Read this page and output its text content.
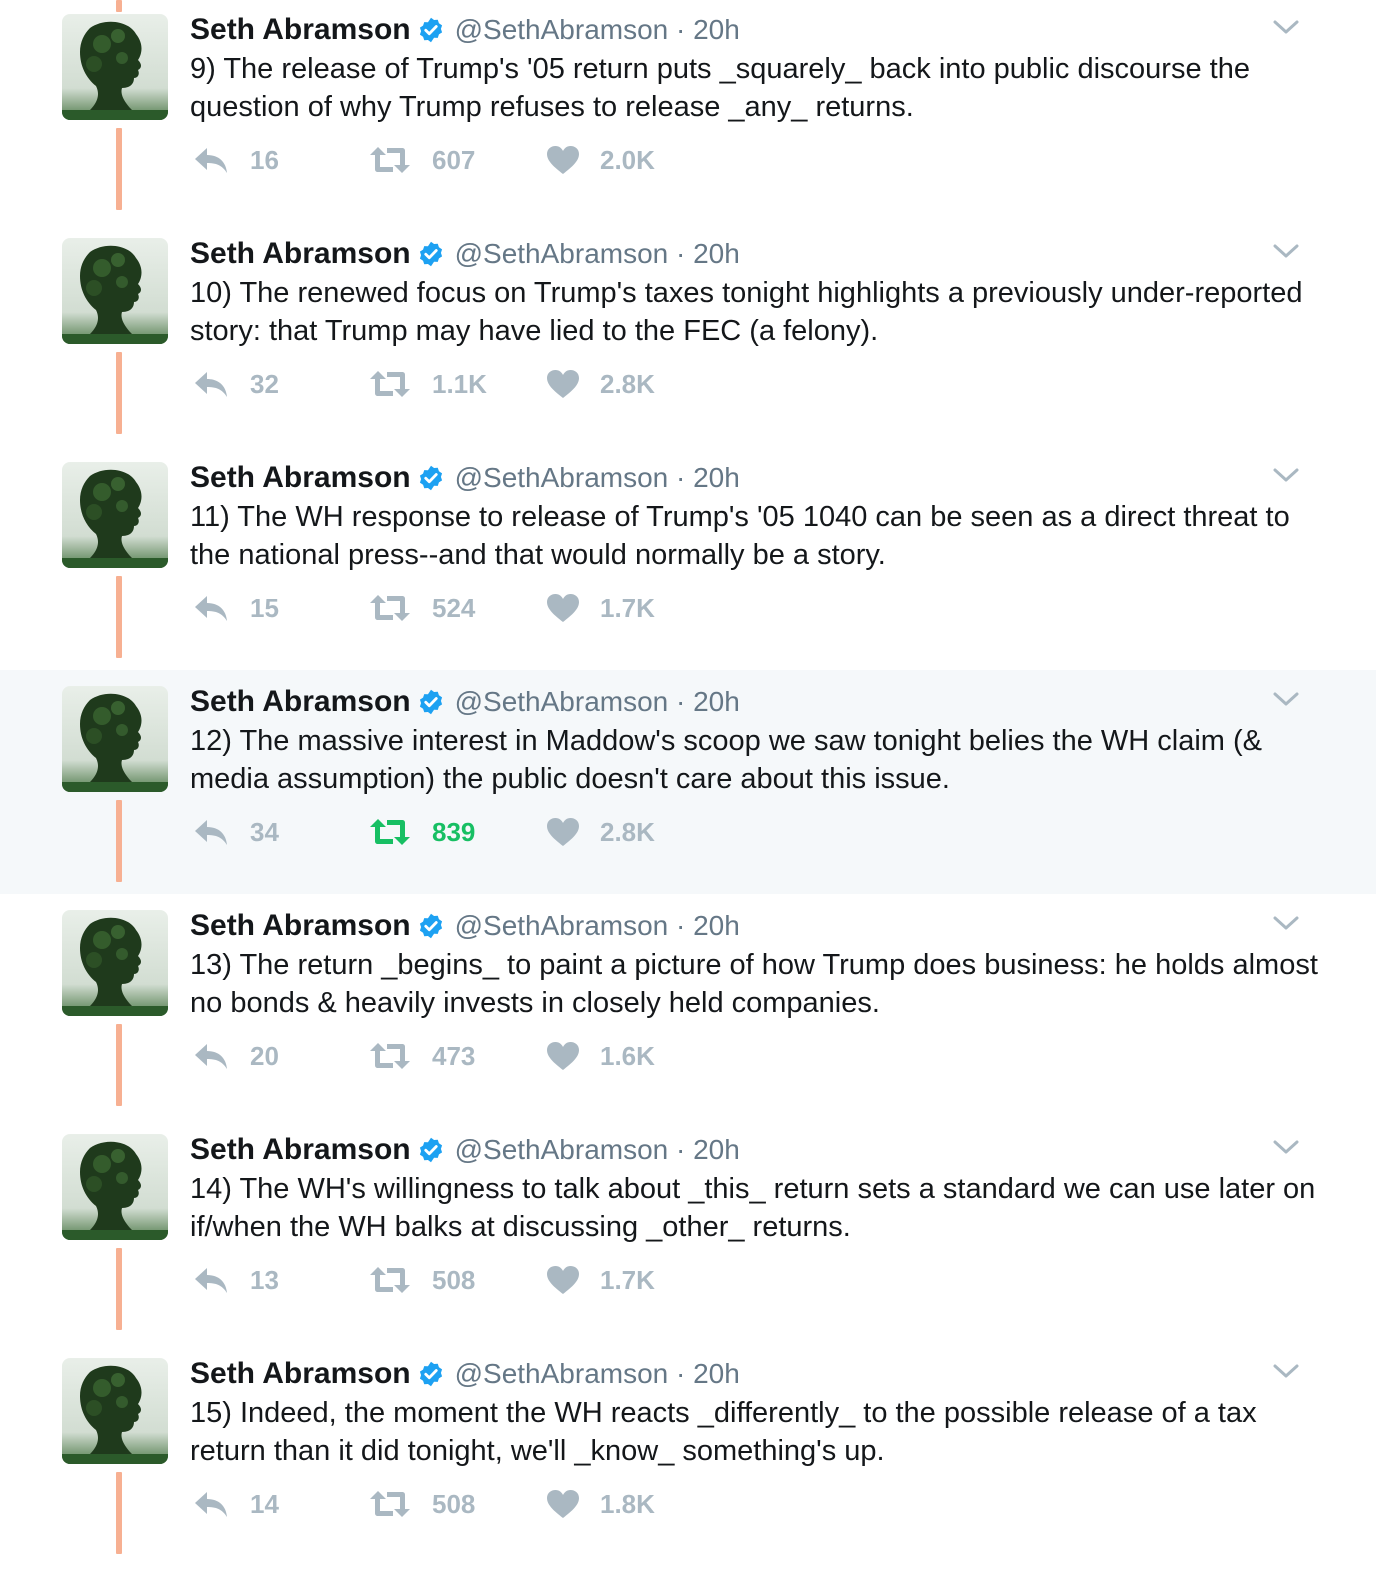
Seth Abramson @SethAbramson · 20h
9) The release of Trump's '05 return puts _squarely_ back into public discourse the question of why Trump refuses to release _any_ returns.
16	607	2.0K
Seth Abramson @SethAbramson · 20h
10) The renewed focus on Trump's taxes tonight highlights a previously under-reported story: that Trump may have lied to the FEC (a felony).
32	1.1K	2.8K
Seth Abramson @SethAbramson · 20h
11) The WH response to release of Trump's '05 1040 can be seen as a direct threat to the national press--and that would normally be a story.
15	524	1.7K
Seth Abramson @SethAbramson · 20h
12) The massive interest in Maddow's scoop we saw tonight belies the WH claim (& media assumption) the public doesn't care about this issue.
34	839	2.8K
Seth Abramson @SethAbramson · 20h
13) The return _begins_ to paint a picture of how Trump does business: he holds almost no bonds & heavily invests in closely held companies.
20	473	1.6K
Seth Abramson @SethAbramson · 20h
14) The WH's willingness to talk about _this_ return sets a standard we can use later on if/when the WH balks at discussing _other_ returns.
13	508	1.7K
Seth Abramson @SethAbramson · 20h
15) Indeed, the moment the WH reacts _differently_ to the possible release of a tax return than it did tonight, we'll _know_ something's up.
14	508	1.8K
